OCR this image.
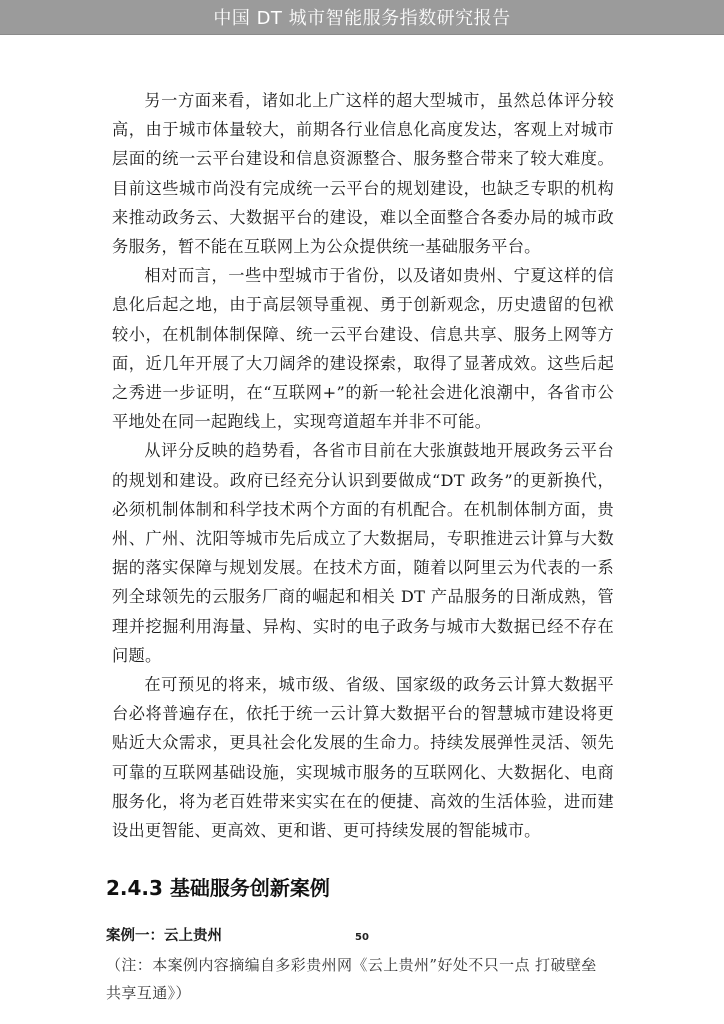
中国 DT 城市智能服务指数研究报告

另一方面来看，诸如北上广这样的超大型城市，虽然总体评分较高，由于城市体量较大，前期各行业信息化高度发达，客观上对城市层面的统一云平台建设和信息资源整合、服务整合带来了较大难度。目前这些城市尚没有完成统一云平台的规划建设，也缺乏专职的机构来推动政务云、大数据平台的建设，难以全面整合各委办局的城市政务服务，暂不能在互联网上为公众提供统一基础服务平台。

相对而言，一些中型城市于省份，以及诸如贵州、宁夏这样的信息化后起之地，由于高层领导重视、勇于创新观念，历史遗留的包袱较小，在机制体制保障、统一云平台建设、信息共享、服务上网等方面，近几年开展了大刀阔斧的建设探索，取得了显著成效。这些后起之秀进一步证明，在“互联网+”的新一轮社会进化浪潮中，各省市公平地处在同一起跑线上，实现弯道超车并非不可能。

从评分反映的趋势看，各省市目前在大张旗鼓地开展政务云平台的规划和建设。政府已经充分认识到要做成“DT 政务”的更新换代，必须机制体制和科学技术两个方面的有机配合。在机制体制方面，贵州、广州、沈阳等城市先后成立了大数据局，专职推进云计算与大数据的落实保障与规划发展。在技术方面，随着以阿里云为代表的一系列全球领先的云服务厂商的崛起和相关 DT 产品服务的日渐成熟，管理并挖掘利用海量、异构、实时的电子政务与城市大数据已经不存在问题。

在可预见的将来，城市级、省级、国家级的政务云计算大数据平台必将普遍存在，依托于统一云计算大数据平台的智慧城市建设将更贴近大众需求，更具社会化发展的生命力。持续发展弹性灵活、领先可靠的互联网基础设施，实现城市服务的互联网化、大数据化、电商服务化，将为老百姓带来实实在在的便捷、高效的生活体验，进而建设出更智能、更高效、更和谐、更可持续发展的智能城市。

2.4.3 基础服务创新案例
案例一：云上贵州

（注：本案例内容摘编自多彩贵州网《云上贵州”好处不只一点 打破壁垒共享互通》）

50
